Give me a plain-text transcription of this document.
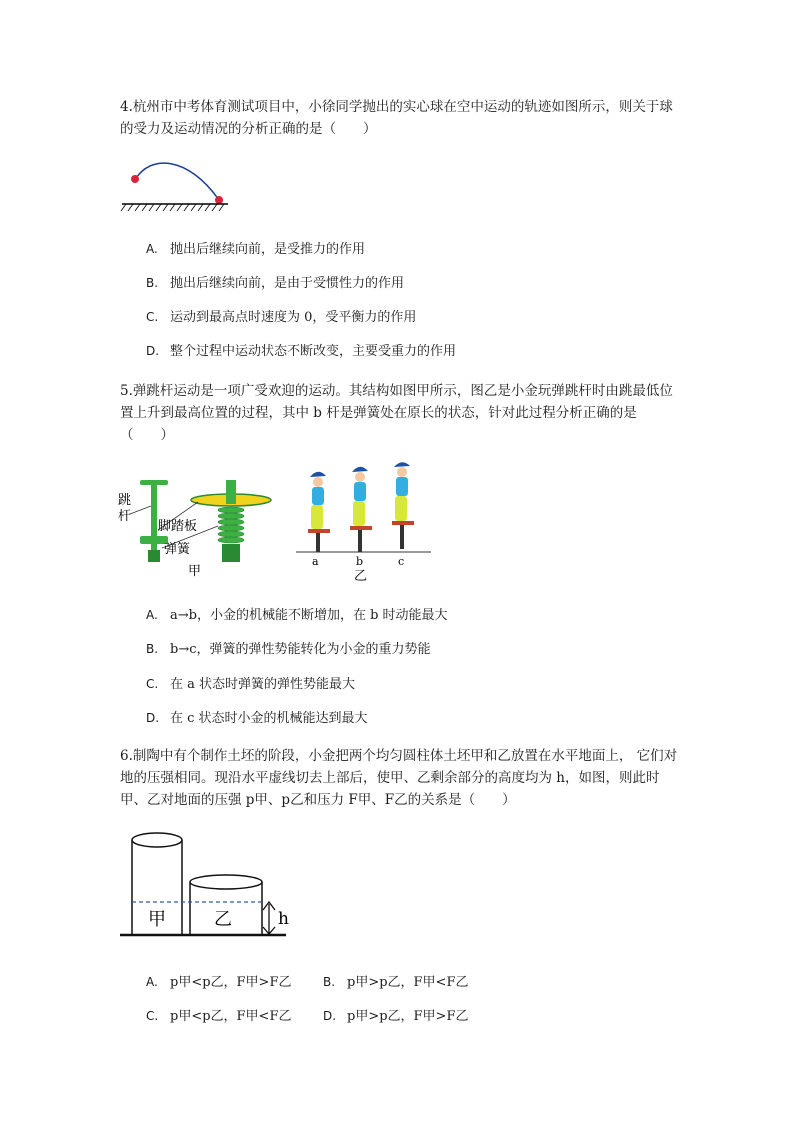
4.杭州市中考体育测试项目中，小徐同学抛出的实心球在空中运动的轨迹如图所示，则关于球的受力及运动情况的分析正确的是（　　）
A. 抛出后继续向前，是受推力的作用
B. 抛出后继续向前，是由于受惯性力的作用
C. 运动到最高点时速度为 0，受平衡力的作用
D. 整个过程中运动状态不断改变，主要受重力的作用
5.弹跳杆运动是一项广受欢迎的运动。其结构如图甲所示，图乙是小金玩弹跳杆时由跳最低位置上升到最高位置的过程，其中 b 杆是弹簧处在原长的状态，针对此过程分析正确的是（　　）
跳
杆
脚踏板
弹簧
甲
a	b	c
乙
A. a→b，小金的机械能不断增加，在 b 时动能最大
B. b→c，弹簧的弹性势能转化为小金的重力势能
C. 在 a 状态时弹簧的弹性势能最大
D. 在 c 状态时小金的机械能达到最大
6.制陶中有个制作土坯的阶段，小金把两个均匀圆柱体土坯甲和乙放置在水平地面上， 它们对地的压强相同。现沿水平虚线切去上部后，使甲、乙剩余部分的高度均为 h，如图，则此时甲、乙对地面的压强 p甲、p乙和压力 F甲、F乙的关系是（　　）
甲	乙	h
A. p甲<p乙，F甲>F乙	B. p甲>p乙，F甲<F乙
C. p甲<p乙，F甲<F乙	D. p甲>p乙，F甲>F乙
